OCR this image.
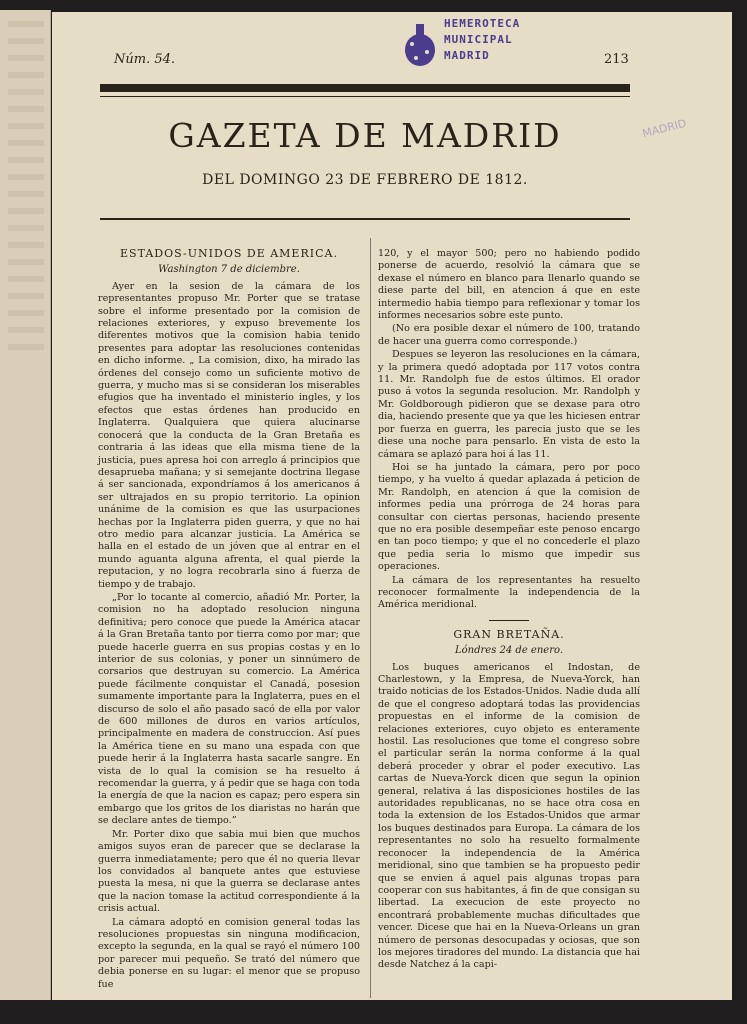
HEMEROTECA
MUNICIPAL
MADRID
MADRID
Núm. 54.	213
GAZETA DE MADRID
DEL DOMINGO 23 DE FEBRERO DE 1812.
ESTADOS-UNIDOS DE AMERICA.
Washington 7 de diciembre.

Ayer en la sesion de la cámara de los representantes propuso Mr. Porter que se tratase sobre el informe presentado por la comision de relaciones exteriores, y expuso brevemente los diferentes motivos que la comision habia tenido presentes para adoptar las resoluciones contenidas en dicho informe. „ La comision, dixo, ha mirado las órdenes del consejo como un suficiente motivo de guerra, y mucho mas si se consideran los miserables efugios que ha inventado el ministerio ingles, y los efectos que estas órdenes han producido en Inglaterra. Qualquiera que quiera alucinarse conocerá que la conducta de la Gran Bretaña es contraria á las ideas que ella misma tiene de la justicia, pues apresa hoi con arreglo á principios que desaprueba mañana; y si semejante doctrina llegase á ser sancionada, expondríamos á los americanos á ser ultrajados en su propio territorio. La opinion unánime de la comision es que las usurpaciones hechas por la Inglaterra piden guerra, y que no hai otro medio para alcanzar justicia. La América se halla en el estado de un jóven que al entrar en el mundo aguanta alguna afrenta, el qual pierde la reputacion, y no logra recobrarla sino á fuerza de tiempo y de trabajo.

„Por lo tocante al comercio, añadió Mr. Porter, la comision no ha adoptado resolucion ninguna definitiva; pero conoce que puede la América atacar á la Gran Bretaña tanto por tierra como por mar; que puede hacerle guerra en sus propias costas y en lo interior de sus colonias, y poner un sinnúmero de corsarios que destruyan su comercio. La América puede fácilmente conquistar el Canadá, posesion sumamente importante para la Inglaterra, pues en el discurso de solo el año pasado sacó de ella por valor de 600 millones de duros en varios artículos, principalmente en madera de construccion. Así pues la América tiene en su mano una espada con que puede herir á la Inglaterra hasta sacarle sangre. En vista de lo qual la comision se ha resuelto á recomendar la guerra, y á pedir que se haga con toda la energía de que la nacion es capaz; pero espera sin embargo que los gritos de los diaristas no harán que se declare antes de tiempo.”

Mr. Porter dixo que sabia mui bien que muchos amigos suyos eran de parecer que se declarase la guerra inmediatamente; pero que él no queria llevar los convidados al banquete antes que estuviese puesta la mesa, ni que la guerra se declarase antes que la nacion tomase la actitud correspondiente á la crisis actual.

La cámara adoptó en comision general todas las resoluciones propuestas sin ninguna modificacion, excepto la segunda, en la qual se rayó el número 100 por parecer mui pequeño. Se trató del número que debia ponerse en su lugar: el menor que se propuso fue

120, y el mayor 500; pero no habiendo podido ponerse de acuerdo, resolvió la cámara que se dexase el número en blanco para llenarlo quando se diese parte del bill, en atencion á que en este intermedio habia tiempo para reflexionar y tomar los informes necesarios sobre este punto.

(No era posible dexar el número de 100, tratando de hacer una guerra como corresponde.)

Despues se leyeron las resoluciones en la cámara, y la primera quedó adoptada por 117 votos contra 11. Mr. Randolph fue de estos últimos. El orador puso á votos la segunda resolucion. Mr. Randolph y Mr. Goldborough pidieron que se dexase para otro dia, haciendo presente que ya que les hiciesen entrar por fuerza en guerra, les parecia justo que se les diese una noche para pensarlo. En vista de esto la cámara se aplazó para hoi á las 11.

Hoi se ha juntado la cámara, pero por poco tiempo, y ha vuelto á quedar aplazada á peticion de Mr. Randolph, en atencion á que la comision de informes pedia una prórroga de 24 horas para consultar con ciertas personas, haciendo presente que no era posible desempeñar este penoso encargo en tan poco tiempo; y que el no concederle el plazo que pedia seria lo mismo que impedir sus operaciones.

La cámara de los representantes ha resuelto reconocer formalmente la independencia de la América meridional.

GRAN BRETAÑA.
Lóndres 24 de enero.

Los buques americanos el Indostan, de Charlestown, y la Empresa, de Nueva-Yorck, han traido noticias de los Estados-Unidos. Nadie duda allí de que el congreso adoptará todas las providencias propuestas en el informe de la comision de relaciones exteriores, cuyo objeto es enteramente hostil. Las resoluciones que tome el congreso sobre el particular serán la norma conforme á la qual deberá proceder y obrar el poder executivo. Las cartas de Nueva-Yorck dicen que segun la opinion general, relativa á las disposiciones hostiles de las autoridades republicanas, no se hace otra cosa en toda la extension de los Estados-Unidos que armar los buques destinados para Europa. La cámara de los representantes no solo ha resuelto formalmente reconocer la independencia de la América meridional, sino que tambien se ha propuesto pedir que se envien á aquel pais algunas tropas para cooperar con sus habitantes, á fin de que consigan su libertad. La execucion de este proyecto no encontrará probablemente muchas dificultades que vencer. Dicese que hai en la Nueva-Orleans un gran número de personas desocupadas y ociosas, que son los mejores tiradores del mundo. La distancia que hai desde Natchez á la capi-
